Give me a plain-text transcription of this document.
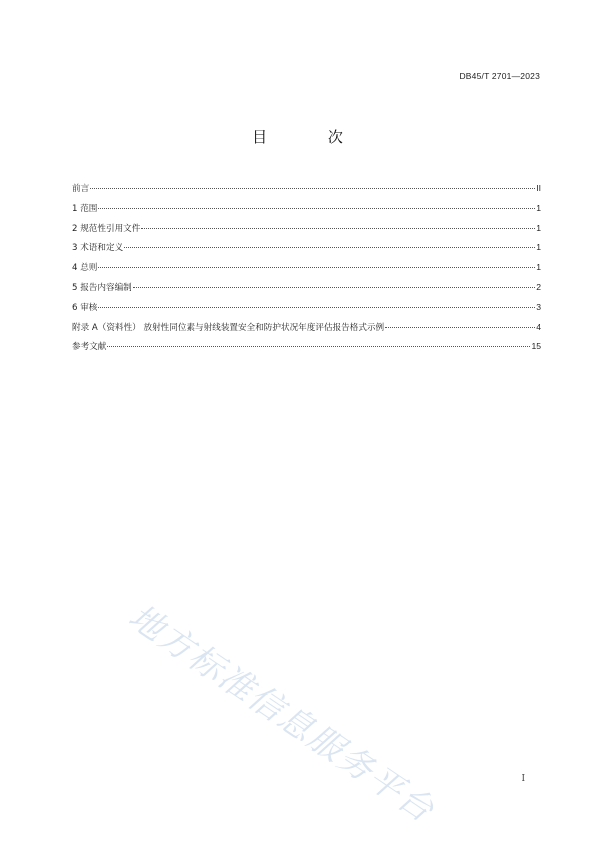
DB45/T 2701—2023
目 次
前言	II
1 范围	1
2 规范性引用文件	1
3 术语和定义	1
4 总则	1
5 报告内容编制	2
6 审核	3
附录 A（资料性） 放射性同位素与射线装置安全和防护状况年度评估报告格式示例	4
参考文献	15
地方标准信息服务平台	I
